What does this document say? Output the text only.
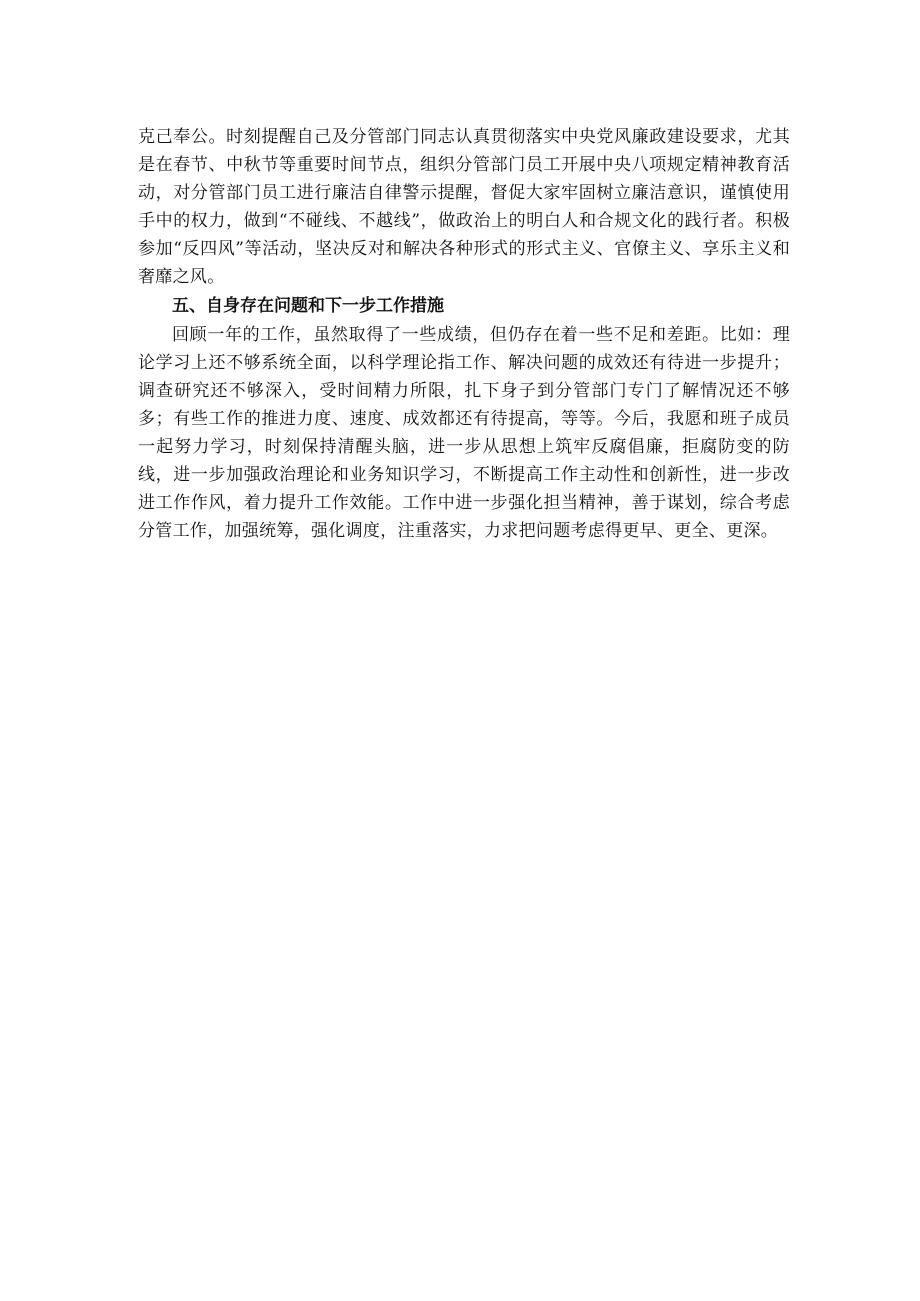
克己奉公。时刻提醒自己及分管部门同志认真贯彻落实中央党风廉政建设要求，尤其是在春节、中秋节等重要时间节点，组织分管部门员工开展中央八项规定精神教育活动，对分管部门员工进行廉洁自律警示提醒，督促大家牢固树立廉洁意识，谨慎使用手中的权力，做到“不碰线、不越线”，做政治上的明白人和合规文化的践行者。积极参加“反四风”等活动，坚决反对和解决各种形式的形式主义、官僚主义、享乐主义和奢靡之风。

五、自身存在问题和下一步工作措施

回顾一年的工作，虽然取得了一些成绩，但仍存在着一些不足和差距。比如：理论学习上还不够系统全面，以科学理论指工作、解决问题的成效还有待进一步提升；调查研究还不够深入，受时间精力所限，扎下身子到分管部门专门了解情况还不够多；有些工作的推进力度、速度、成效都还有待提高，等等。今后，我愿和班子成员一起努力学习，时刻保持清醒头脑，进一步从思想上筑牢反腐倡廉，拒腐防变的防线，进一步加强政治理论和业务知识学习，不断提高工作主动性和创新性，进一步改进工作作风，着力提升工作效能。工作中进一步强化担当精神，善于谋划，综合考虑分管工作，加强统筹，强化调度，注重落实，力求把问题考虑得更早、更全、更深。
